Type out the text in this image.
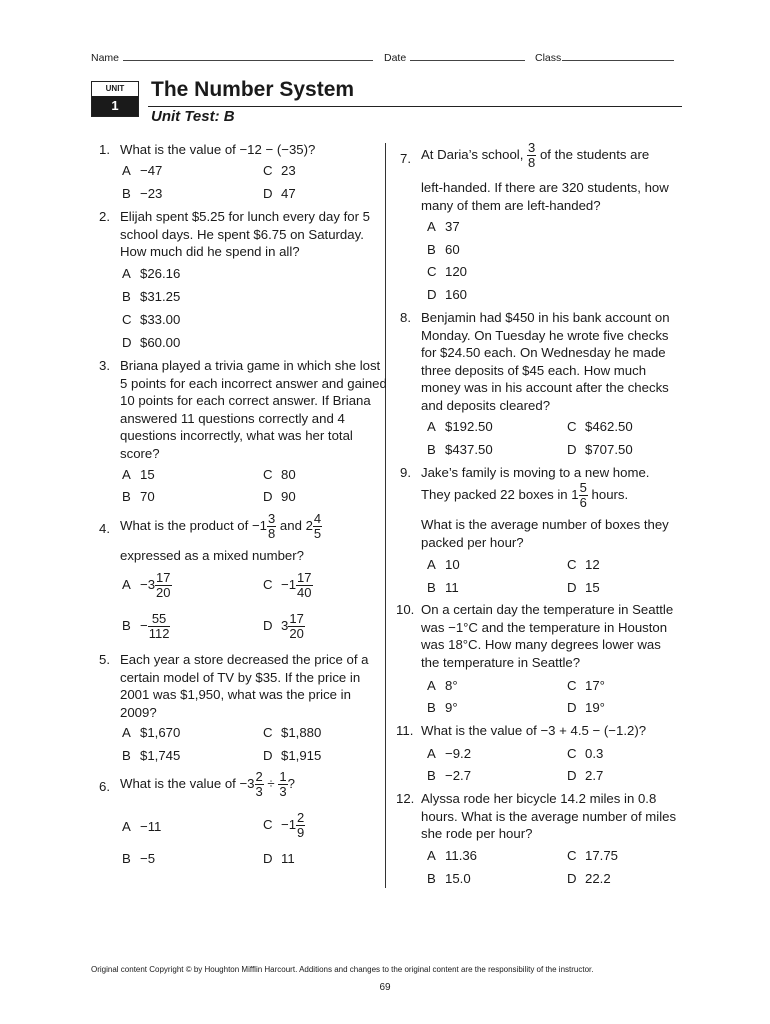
Name	Date	Class
UNIT
1
The Number System
Unit Test: B
1. What is the value of −12 − (−35)?
A −47	C 23
B −23	D 47
2. Elijah spent $5.25 for lunch every day for 5 school days. He spent $6.75 on Saturday. How much did he spend in all?
A $26.16
B $31.25
C $33.00
D $60.00
3. Briana played a trivia game in which she lost 5 points for each incorrect answer and gained 10 points for each correct answer. If Briana answered 11 questions correctly and 4 questions incorrectly, what was her total score?
A 15	C 80
B 70	D 90
4. What is the product of $-1 \frac{3}{8}$ and $2 \frac{4}{5}$
expressed as a mixed number?
$A -3 \frac{17}{20}$	$C -1 \frac{17}{40}$
$B - \frac{55}{112}$	D $3 \frac{17}{20}$
5. Each year a store decreased the price of a certain model of TV by $35. If the price in 2001 was $1,950, what was the price in 2009?
A $1,670	C $1,880
B $1,745	D $1,915
6. What is the value of $-3 \frac{2}{3} \div \frac{1}{3}$ ?
A −11	$C -1 \frac{2}{9}$
B −5	D 11
7. At Daria’s school, $\frac{3}{8}$ of the students are
left-handed. If there are 320 students, how many of them are left-handed?
A 37
B 60
C 120
D 160
8. Benjamin had $450 in his bank account on Monday. On Tuesday he wrote five checks for $24.50 each. On Wednesday he made three deposits of $45 each. How much money was in his account after the checks and deposits cleared?
A $192.50	C $462.50
B $437.50	D $707.50
9. Jake’s family is moving to a new home.
They packed 22 boxes in $1 \frac{5}{6}$ hours.
What is the average number of boxes they packed per hour?
A 10	C 12
B 11	D 15
10. On a certain day the temperature in Seattle was −1°C and the temperature in Houston was 18°C. How many degrees lower was the temperature in Seattle?
A 8°	C 17°
B 9°	D 19°
11. What is the value of −3 + 4.5 − (−1.2)?
A −9.2	C 0.3
B −2.7	D 2.7
12. Alyssa rode her bicycle 14.2 miles in 0.8 hours. What is the average number of miles she rode per hour?
A 11.36	C 17.75
B 15.0	D 22.2
Original content Copyright © by Houghton Mifflin Harcourt. Additions and changes to the original content are the responsibility of the instructor.
69
